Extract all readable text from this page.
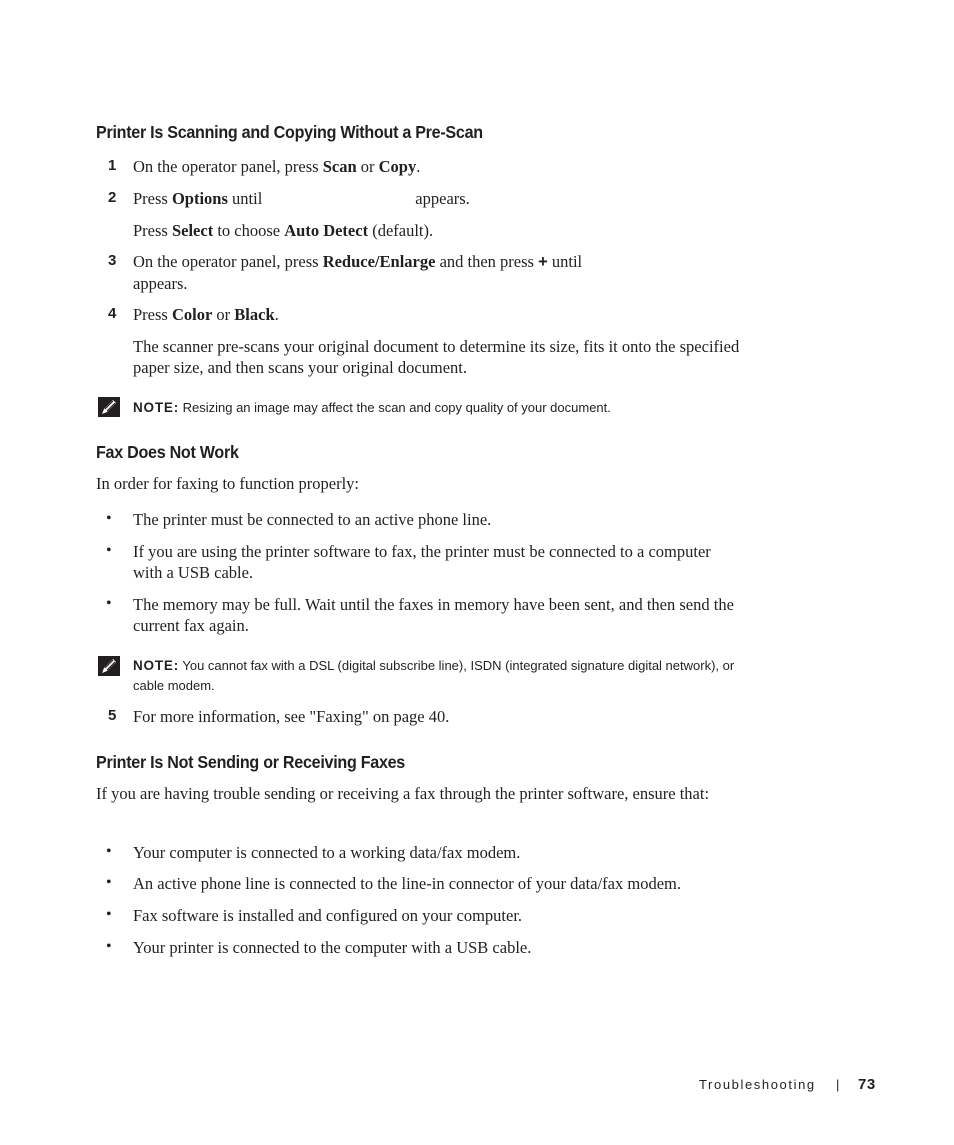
Printer Is Scanning and Copying Without a Pre-Scan
1 On the operator panel, press Scan or Copy.
2 Press Options until	appears.
Press Select to choose Auto Detect (default).
3 On the operator panel, press Reduce/Enlarge and then press + until
appears.
4 Press Color or Black.
The scanner pre-scans your original document to determine its size, fits it onto the specified paper size, and then scans your original document.
NOTE: Resizing an image may affect the scan and copy quality of your document.
Fax Does Not Work
In order for faxing to function properly:
• The printer must be connected to an active phone line.
• If you are using the printer software to fax, the printer must be connected to a computer with a USB cable.
• The memory may be full. Wait until the faxes in memory have been sent, and then send the current fax again.
NOTE: You cannot fax with a DSL (digital subscribe line), ISDN (integrated signature digital network), or cable modem.
5 For more information, see "Faxing" on page 40.
Printer Is Not Sending or Receiving Faxes
If you are having trouble sending or receiving a fax through the printer software, ensure that:
• Your computer is connected to a working data/fax modem.
• An active phone line is connected to the line-in connector of your data/fax modem.
• Fax software is installed and configured on your computer.
• Your printer is connected to the computer with a USB cable.
Troubleshooting | 73
